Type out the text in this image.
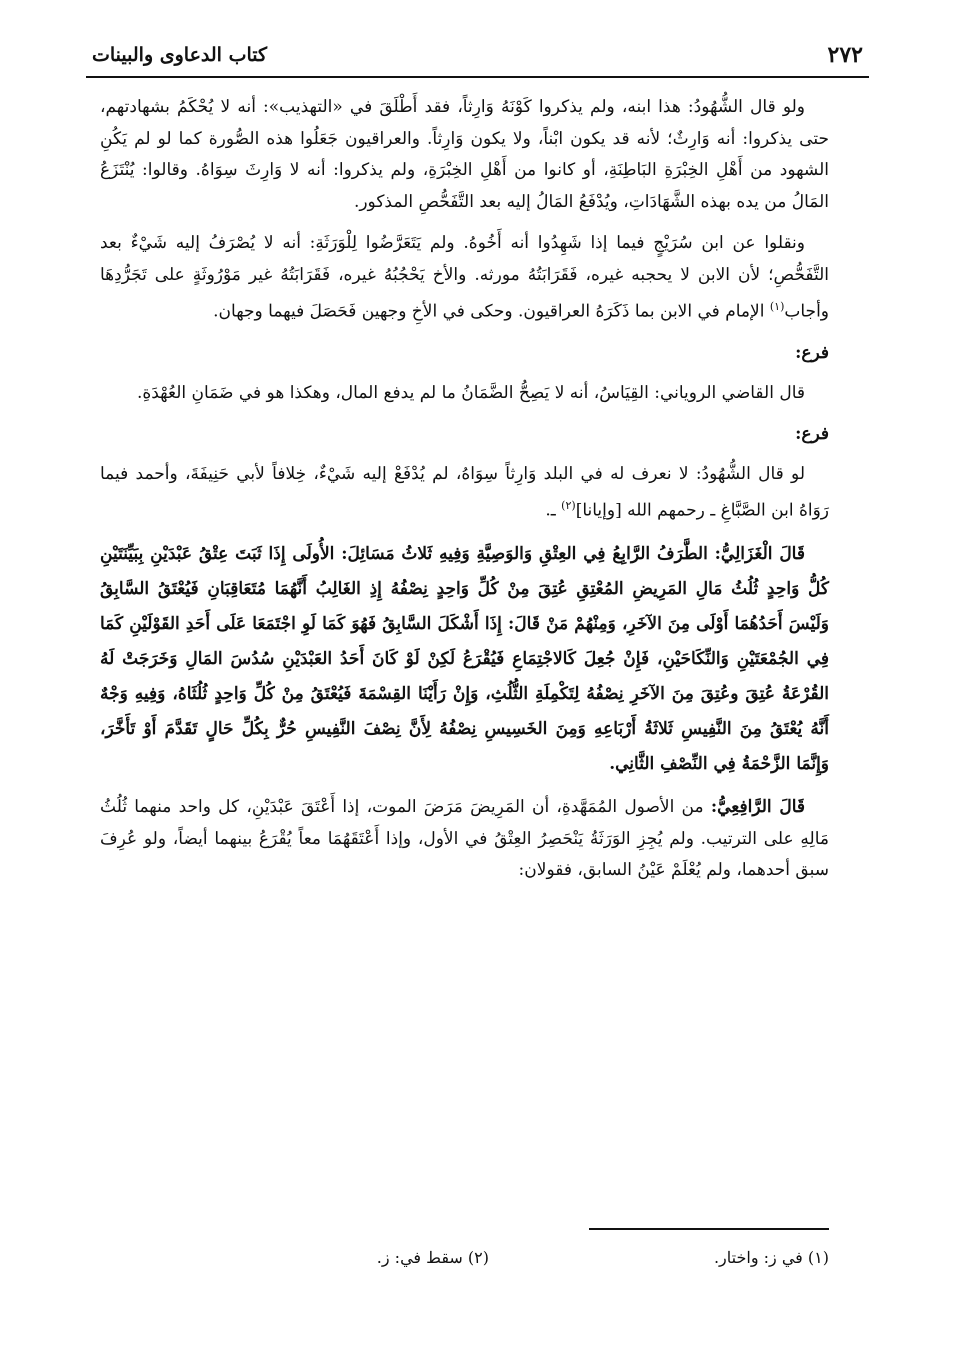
٢٧٢
كتاب الدعاوى والبينات

ولو قال الشُّهُودُ: هذا ابنه، ولم يذكروا كَوْنَهُ وَارِثاً، فقد أَطْلَقَ في «التهذيب»: أنه لا يُحْكَمُ بشهادتهم، حتى يذكروا: أنه وَارِثٌ؛ لأنه قد يكون ابْناً، ولا يكون وَارِثاً. والعراقيون جَعَلُوا هذه الصُّورة كما لو لم يَكُنِ الشهود من أَهْلِ الخِبْرَةِ البَاطِنَةِ، أو كانوا من أَهْلِ الخِبْرَةِ، ولم يذكروا: أنه لا وَارِثَ سِوَاهُ. وقالوا: يُنْتَزَعُ المَالُ من يده بهذه الشَّهَادَاتِ، ويُدْفَعُ المَالُ إليه بعد التَّفَحُّصِ المذكور.

ونقلوا عن ابن سُرَيْجٍ فيما إذا شَهِدُوا أنه أَخُوهُ. ولم يَتَعَرَّضُوا لِلْوَرَثَةِ: أنه لا يُصْرَفُ إليه شَيْءٌ بعد التَّفَحُّصِ؛ لأن الابن لا يحجبه غيره، فَقَرَابَتُهُ مورثه. والأخ يَحْجُبُهُ غيره، فَقَرَابَتُهُ غير مَوْرُوثَةٍ على تَجَرُّدِهَا وأجاب$^{(١)}$ الإمام في الابن بما ذَكَرَهُ العراقيون. وحكى في الأخِ وجهين فَحَصَلَ فيهما وجهان.

فرع:

قال القاضي الروياني: القِيَاسُ، أنه لا يَصِحُّ الضَّمَانُ ما لم يدفع المال، وهكذا هو في ضَمَانِ العُهْدَةِ.

فرع:

لو قال الشُّهُودُ: لا نعرف له في البلد وَارِثاً سِوَاهُ، لم يُدْفَعْ إليه شَيْءٌ، خِلافاً لأبي حَنِيفَةَ، وأحمد فيما رَوَاهُ ابن الصَّبَّاغِ ـ رحمهم الله [وإيانا]$^{(٢)}$ ـ.

قَالَ الْغَزَالِيُّ: الطَّرَفُ الرَّابِعُ فِي العِتْقِ وَالوَصِيَّةِ وَفِيهِ ثَلاثُ مَسَائِلَ: الأُولَى إِذَا ثَبَتَ عِتْقُ عَبْدَيْنِ بِبَيِّنَتَيْنِ كُلُّ وَاحِدٍ ثُلُثُ مَالِ المَرِيضِ المُعْتِقِ عُتِقَ مِنْ كُلِّ وَاحِدٍ نِصْفُهُ إِذِ الغَالِبُ أَنَّهُمَا مُتَعَاقِبَانِ فَيُعْتَقُ السَّابِقُ وَلَيْسَ أَحَدُهُمَا أَوْلَى مِنَ الآخَرِ، وَمِنْهُمْ مَنْ قَالَ: إِذَا أَشْكَلَ السَّابِقُ فَهُوَ كَمَا لَوِ اجْتَمَعَا عَلَى أَحَدِ القَوْلَيْنِ كَمَا فِي الجُمْعَتَيْنِ وَالنِّكَاحَيْنِ، فَإِنْ جُعِلَ كَالاجْتِمَاعِ فَيُقْرَعُ لَكِنْ لَوْ كَانَ أَحَدُ العَبْدَيْنِ سُدُسَ المَالِ وَخَرَجَتْ لَهُ القُرْعَةُ عُتِقَ وعُتِقَ مِنَ الآخَرِ نِصْفُهُ لِتَكْمِلَةِ الثُّلُثِ، وَإِنْ رَأَيْنَا القِسْمَةَ فَيُعْتَقُ مِنْ كُلِّ وَاحِدٍ ثُلُثَاهُ، وَفِيهِ وَجْهٌ أَنَّهُ يُعْتَقُ مِنَ النَّفِيسِ ثَلاثَةُ أَرْبَاعِهِ وَمِنَ الخَسِيسِ نِصْفُهُ لِأَنَّ نِصْفَ النَّفِيسِ حُرٌّ بِكُلِّ حَالٍ تَقَدَّمَ أَوْ تَأَخَّرَ، وَإِنَّمَا الزَّحْمَةُ فِي النِّصْفِ الثَّانِي.

قَالَ الرَّافِعِيُّ: من الأصول المُمَهَّدةِ، أن المَرِيضَ مَرَضَ الموت، إذا أَعْتَقَ عَبْدَيْنِ، كل واحد منهما ثُلُثُ مَالِهِ على الترتيب. ولم يُجِزِ الوَرَثَةُ يَنْحَصِرُ العِتْقُ في الأول، وإذا أَعْتَقَهُمَا معاً يُقْرَعُ بينهما أيضاً، ولو عُرِفَ سبق أحدهما، ولم يُعْلَمْ عَيْنُ السابق، فقولان:

(١) في ز: واختار.
(٢) سقط في: ز.
